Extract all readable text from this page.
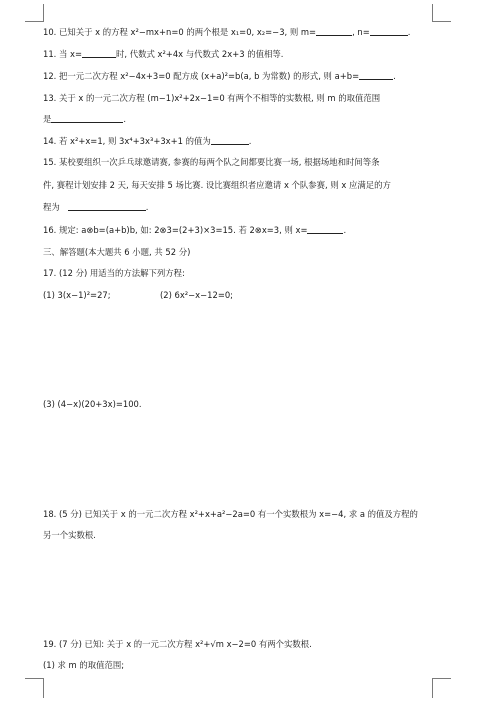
10. 已知关于 x 的方程 x²−mx+n=0 的两个根是 x₁=0, x₂=−3, 则 m=	, n=	.
11. 当 x=	时, 代数式 x²+4x 与代数式 2x+3 的值相等.
12. 把一元二次方程 x²−4x+3=0 配方成 (x+a)²=b(a, b 为常数) 的形式, 则 a+b=	.
13. 关于 x 的一元二次方程 (m−1)x²+2x−1=0 有两个不相等的实数根, 则 m 的取值范围
是	.
14. 若 x²+x=1, 则 3x⁴+3x³+3x+1 的值为	.
15. 某校要组织一次乒乓球邀请赛, 参赛的每两个队之间都要比赛一场, 根据场地和时间等条
件, 赛程计划安排 2 天, 每天安排 5 场比赛. 设比赛组织者应邀请 x 个队参赛, 则 x 应满足的方
程为	.
16. 规定: a⊗b=(a+b)b, 如: 2⊗3=(2+3)×3=15. 若 2⊗x=3, 则 x=	.
三、解答题(本大题共 6 小题, 共 52 分)
17. (12 分) 用适当的方法解下列方程:
(1) 3(x−1)²=27;	(2) 6x²−x−12=0;
(3) (4−x)(20+3x)=100.
18. (5 分) 已知关于 x 的一元二次方程 x²+x+a²−2a=0 有一个实数根为 x=−4, 求 a 的值及方程的
另一个实数根.
19. (7 分) 已知: 关于 x 的一元二次方程 x²+√m x−2=0 有两个实数根.
(1) 求 m 的取值范围;
